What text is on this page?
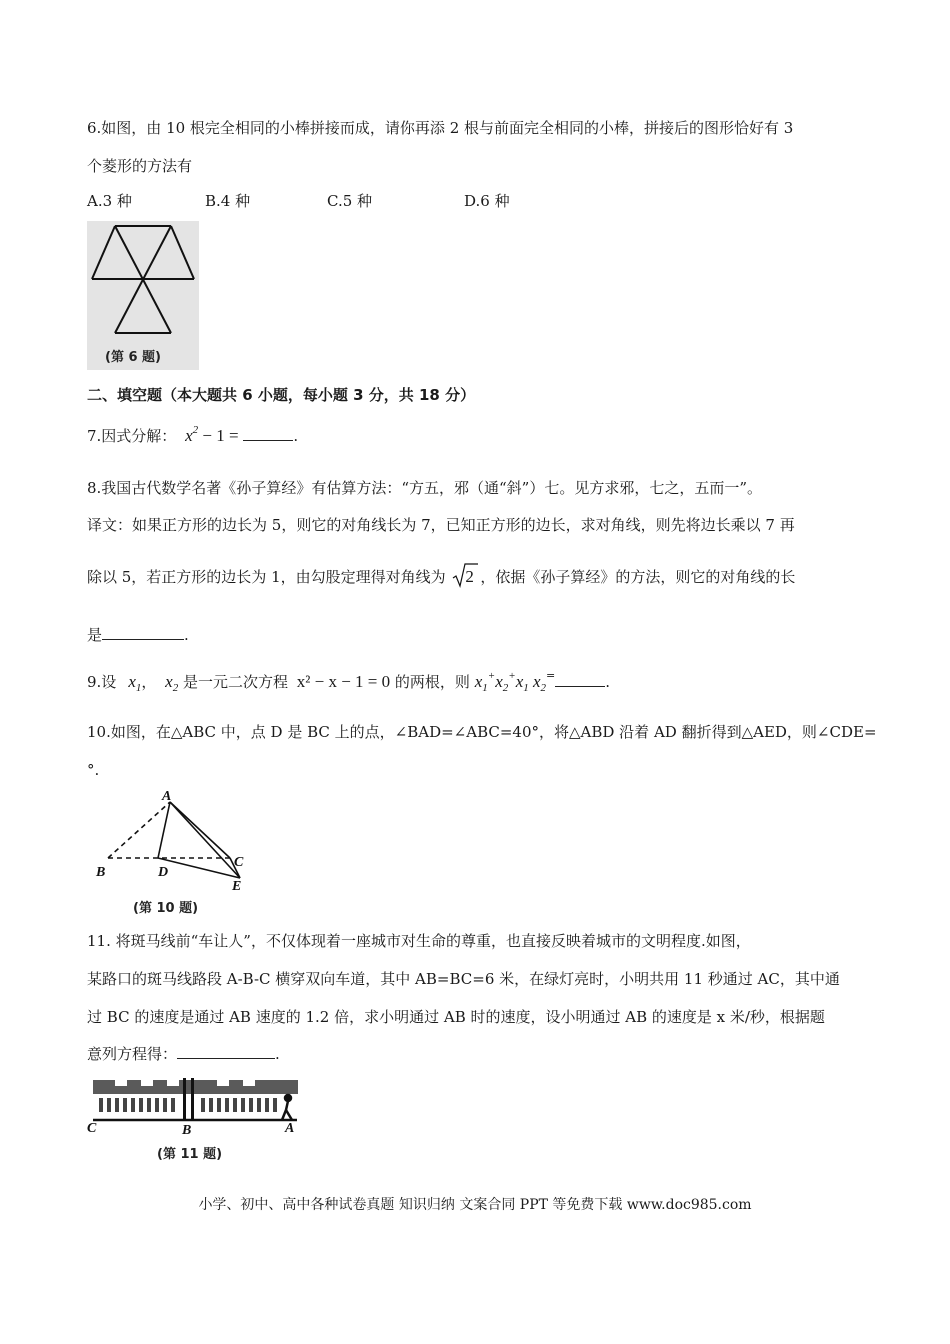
6.如图，由 10 根完全相同的小棒拼接而成，请你再添 2 根与前面完全相同的小棒，拼接后的图形恰好有 3
个菱形的方法有
A.3 种	B.4 种	C.5 种	D.6 种
(第 6 题)
二、填空题（本大题共 6 小题，每小题 3 分，共 18 分）
7.因式分解： $x^2 - 1$ =	.
8.我国古代数学名著《孙子算经》有估算方法：“方五，邪（通“斜”）七。见方求邪，七之，五而一”。
译文：如果正方形的边长为 5，则它的对角线长为 7，已知正方形的边长，求对角线，则先将边长乘以 7 再
除以 5，若正方形的边长为 1，由勾股定理得对角线为 2 ，依据《孙子算经》的方法，则它的对角线的长
是	.
9.设 $x_1$， $x_2$ 是一元二次方程 x² − x − 1 = 0 的两根，则 $x_1^+x_2^+x_1$ $x_2^=$	.
10.如图，在△ABC 中，点 D 是 BC 上的点，∠BAD=∠ABC=40°，将△ABD 沿着 AD 翻折得到△AED，则∠CDE=
°.
A
B	D
C
E
(第 10 题)
11. 将斑马线前“车让人”，不仅体现着一座城市对生命的尊重，也直接反映着城市的文明程度.如图，
某路口的斑马线路段 A-B-C 横穿双向车道，其中 AB=BC=6 米，在绿灯亮时，小明共用 11 秒通过 AC，其中通
过 BC 的速度是通过 AB 速度的 1.2 倍，求小明通过 AB 时的速度，设小明通过 AB 的速度是 x 米/秒，根据题
意列方程得：	.
C	B	A
(第 11 题)
小学、初中、高中各种试卷真题 知识归纳 文案合同 PPT 等免费下载 www.doc985.com
